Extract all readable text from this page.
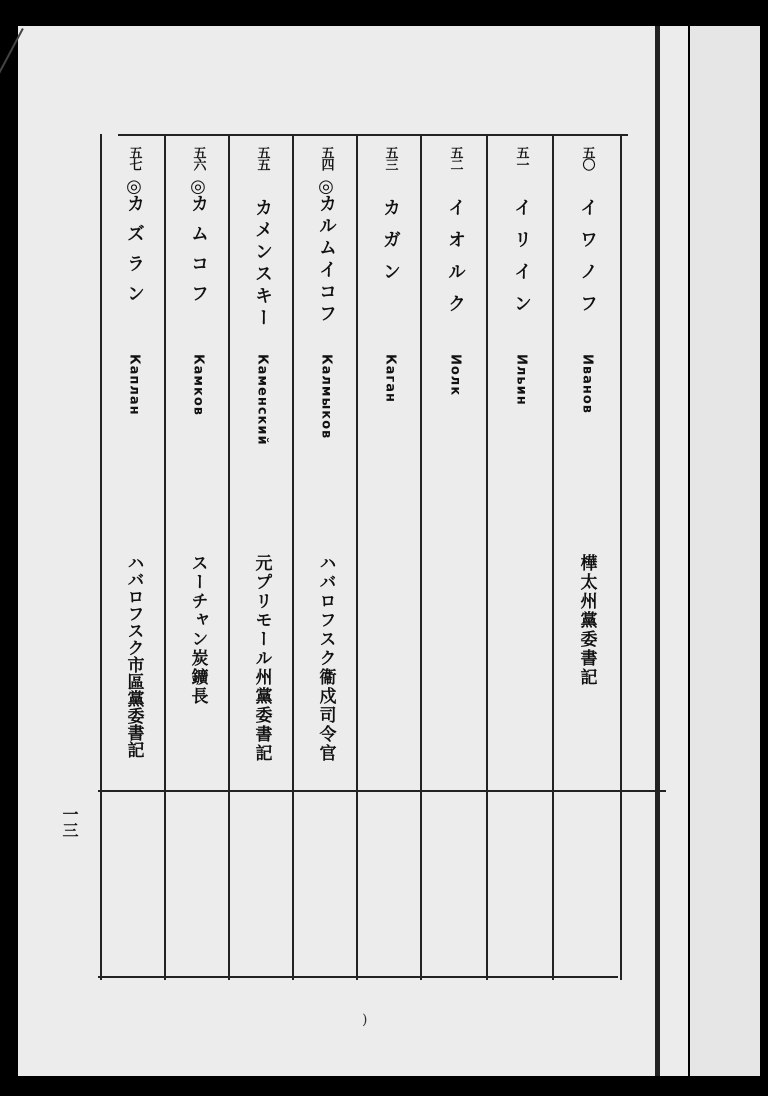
五〇
イワノフ
Иванов
樺太州黨委書記
五一
イリイン
Ильин
五二
イオルク
Иолк
五三
カガン
Каган
五四
◎
カルムイコフ
Калмыков
ハバロフスク衞戍司令官
五五
カメンスキー
Каменский
元プリモール州黨委書記
五六
◎
カムコフ
Камков
スーチャン炭鑛長
五七
◎
カズラン
Каплан
ハバロフスク市區黨委書記
一三
)
